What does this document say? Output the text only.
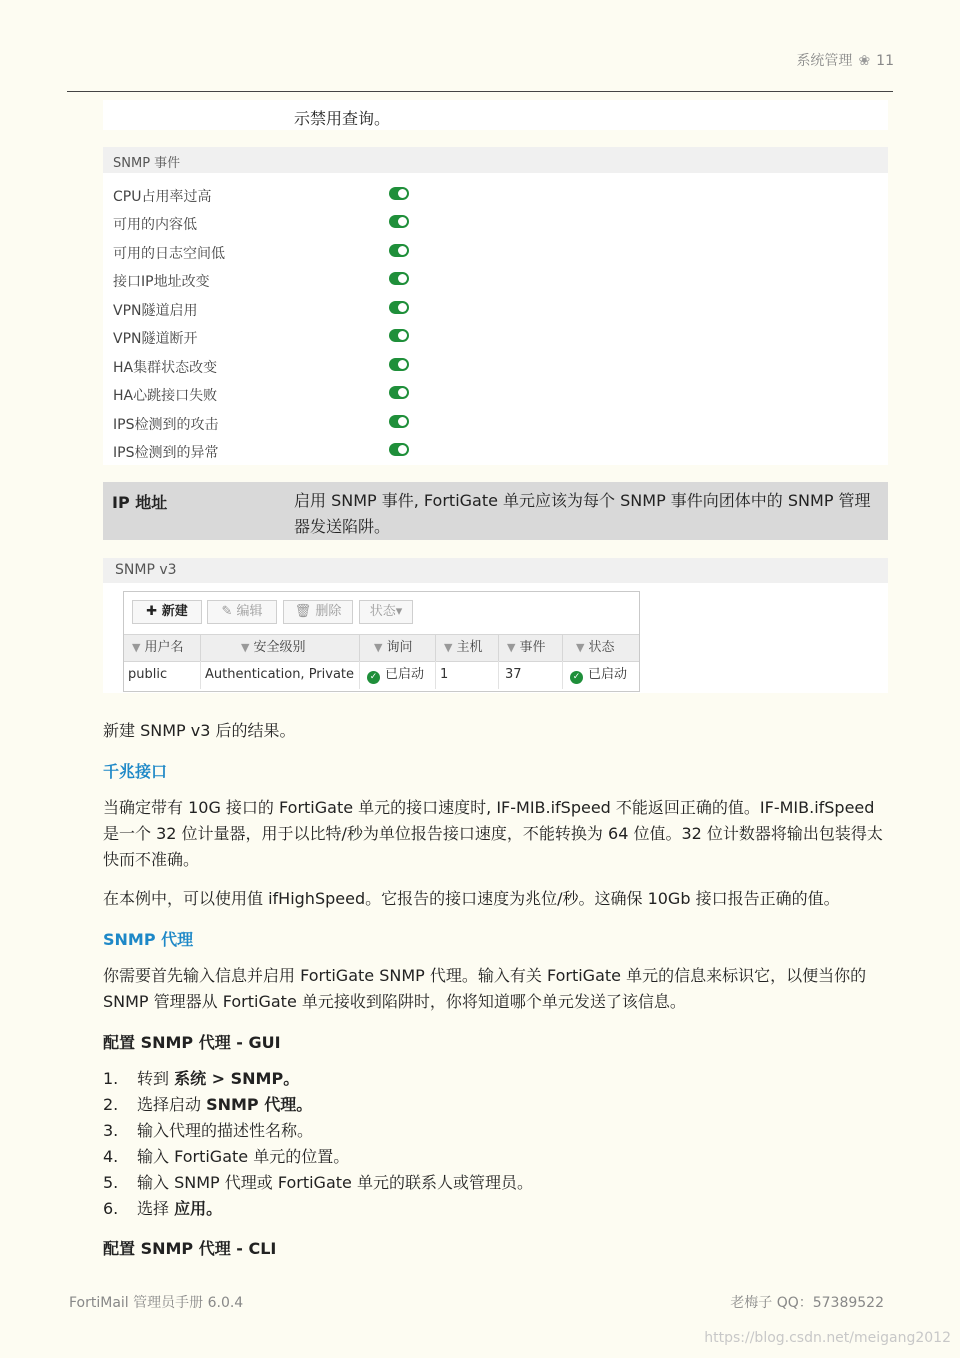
系统管理 ❀ 11
示禁用查询。
SNMP 事件
CPU占用率过高
可用的内容低
可用的日志空间低
接口IP地址改变
VPN隧道启用
VPN隧道断开
HA集群状态改变
HA心跳接口失败
IPS检测到的攻击
IPS检测到的异常
IP 地址	启用 SNMP 事件, FortiGate 单元应该为每个 SNMP 事件向团体中的 SNMP 管理器发送陷阱。
SNMP v3
✚ 新建	✎ 编辑	🗑 删除	状态▾
▼ 用户名	▼ 安全级别	▼ 询问	▼ 主机	▼ 事件	▼ 状态
public	Authentication, Private	✓ 已启动	1	37	✓ 已启动
新建 SNMP v3 后的结果。
千兆接口
当确定带有 10G 接口的 FortiGate 单元的接口速度时, IF-MIB.ifSpeed 不能返回正确的值。IF-MIB.ifSpeed 是一个 32 位计量器，用于以比特/秒为单位报告接口速度，不能转换为 64 位值。32 位计数器将输出包装得太快而不准确。
在本例中，可以使用值 ifHighSpeed。它报告的接口速度为兆位/秒。这确保 10Gb 接口报告正确的值。
SNMP 代理
你需要首先输入信息并启用 FortiGate SNMP 代理。输入有关 FortiGate 单元的信息来标识它，以便当你的 SNMP 管理器从 FortiGate 单元接收到陷阱时，你将知道哪个单元发送了该信息。
配置 SNMP 代理 - GUI
1. 转到 系统 > SNMP。
2. 选择启动 SNMP 代理。
3. 输入代理的描述性名称。
4. 输入 FortiGate 单元的位置。
5. 输入 SNMP 代理或 FortiGate 单元的联系人或管理员。
6. 选择 应用。
配置 SNMP 代理 - CLI
FortiMail 管理员手册 6.0.4	老梅子 QQ：57389522
https://blog.csdn.net/meigang2012
